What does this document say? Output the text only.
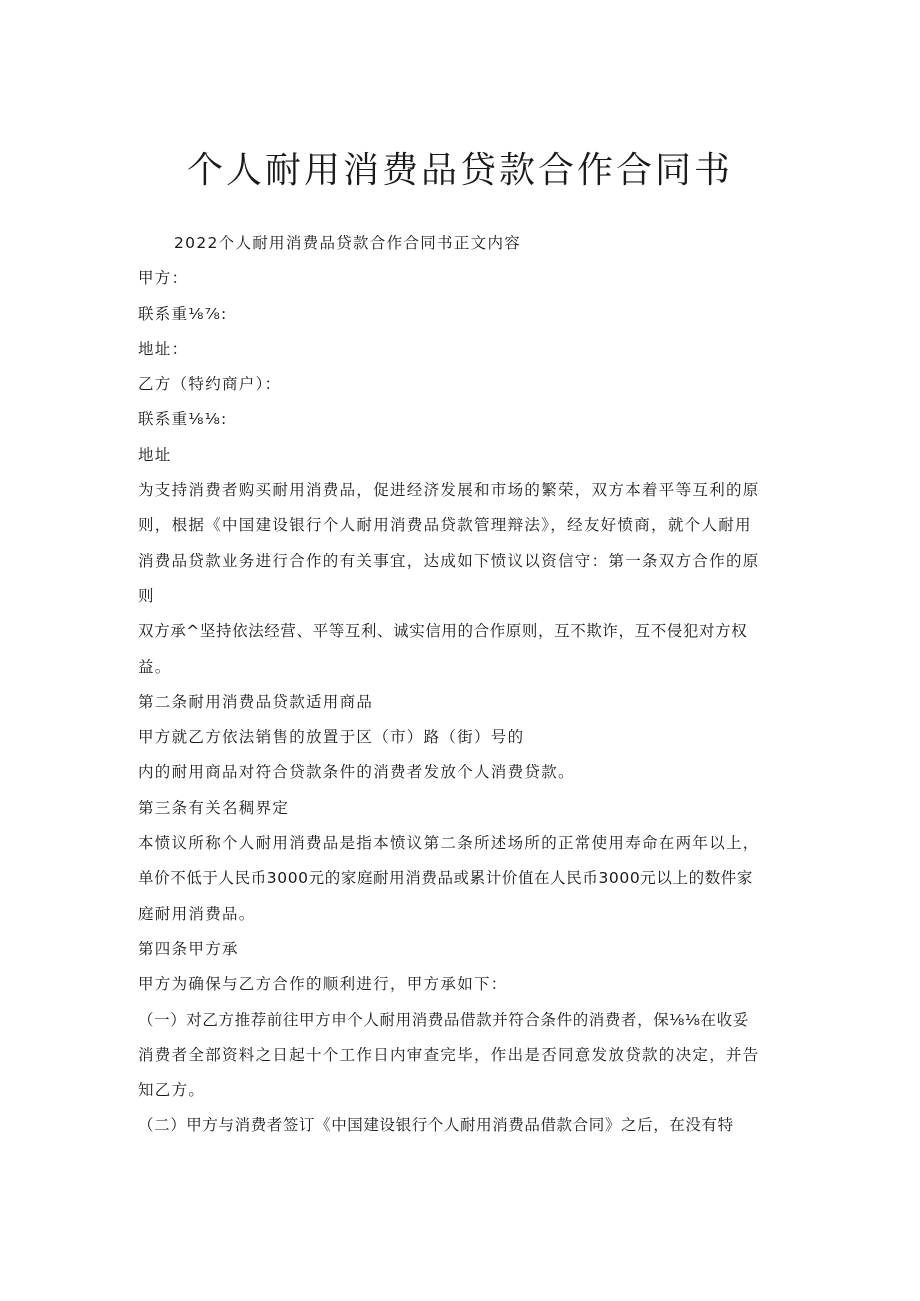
个人耐用消费品贷款合作合同书
2022个人耐用消费品贷款合作合同书正文内容
甲方：
联系重⅛⅞:
地址：
乙方（特约商户）：
联系重⅛⅛:
地址
为支持消费者购买耐用消费品，促进经济发展和市场的繁荣，双方本着平等互利的原
则，根据《中国建设银行个人耐用消费品贷款管理辩法》，经友好愤商，就个人耐用
消费品贷款业务进行合作的有关事宜，达成如下愤议以资信守：第一条双方合作的原
则
双方承^坚持依法经营、平等互利、诚实信用的合作原则，互不欺诈，互不侵犯对方权
益。
第二条耐用消费品贷款适用商品
甲方就乙方依法销售的放置于区（市）路（街）号的
内的耐用商品对符合贷款条件的消费者发放个人消费贷款。
第三条有关名稠界定
本愤议所称个人耐用消费品是指本愤议第二条所述场所的正常使用寿命在两年以上，
单价不低于人民币3000元的家庭耐用消费品或累计价值在人民币3000元以上的数件家
庭耐用消费品。
第四条甲方承
甲方为确保与乙方合作的顺利进行，甲方承如下：
（一）对乙方推荐前往甲方申个人耐用消费品借款并符合条件的消费者，保⅛⅛在收妥
消费者全部资料之日起十个工作日内审查完毕，作出是否同意发放贷款的决定，并告
知乙方。
（二）甲方与消费者签订《中国建设银行个人耐用消费品借款合同》之后，在没有特
